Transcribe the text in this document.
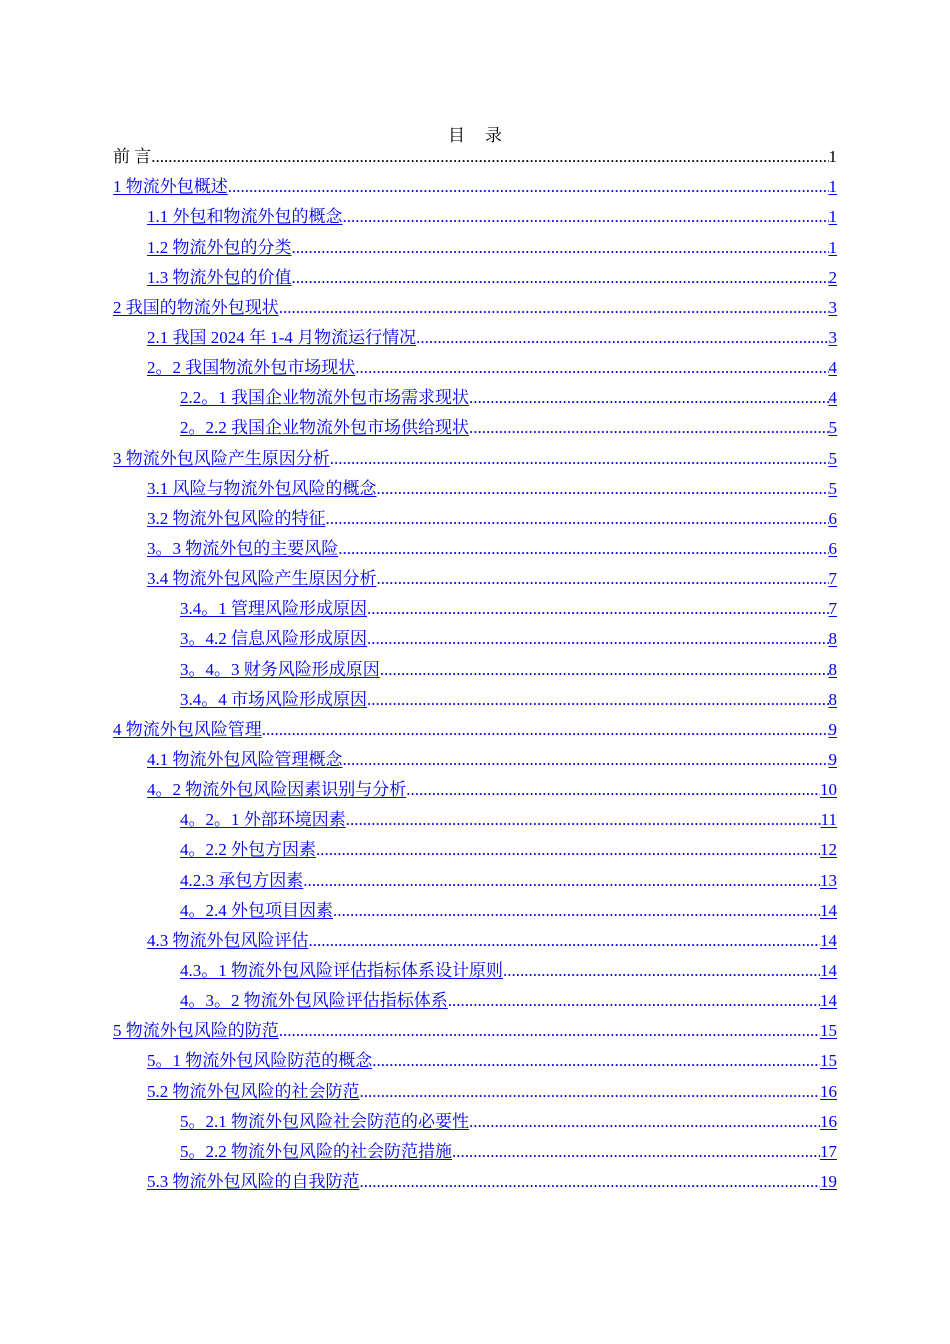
目 录
前 言 .....	1
1 物流外包概述 .....	1
1.1 外包和物流外包的概念 .....	1
1.2 物流外包的分类 .....	1
1.3 物流外包的价值 .....	2
2 我国的物流外包现状 .....	3
2.1 我国 2024 年 1-4 月物流运行情况 .....	3
2。2 我国物流外包市场现状 .....	4
2.2。1 我国企业物流外包市场需求现状 .....	4
2。2.2 我国企业物流外包市场供给现状 .....	5
3 物流外包风险产生原因分析 .....	5
3.1 风险与物流外包风险的概念 .....	5
3.2 物流外包风险的特征 .....	6
3。3 物流外包的主要风险 .....	6
3.4 物流外包风险产生原因分析 .....	7
3.4。1 管理风险形成原因 .....	7
3。4.2 信息风险形成原因 .....	8
3。4。3 财务风险形成原因 .....	8
3.4。4 市场风险形成原因 .....	8
4 物流外包风险管理 .....	9
4.1 物流外包风险管理概念 .....	9
4。2 物流外包风险因素识别与分析 .....	10
4。2。1 外部环境因素 .....	11
4。2.2 外包方因素 .....	12
4.2.3 承包方因素 .....	13
4。2.4 外包项目因素 .....	14
4.3 物流外包风险评估 .....	14
4.3。1 物流外包风险评估指标体系设计原则 .....	14
4。3。2 物流外包风险评估指标体系 .....	14
5 物流外包风险的防范 .....	15
5。1 物流外包风险防范的概念 .....	15
5.2 物流外包风险的社会防范 .....	16
5。2.1 物流外包风险社会防范的必要性 .....	16
5。2.2 物流外包风险的社会防范措施 .....	17
5.3 物流外包风险的自我防范 .....	19
